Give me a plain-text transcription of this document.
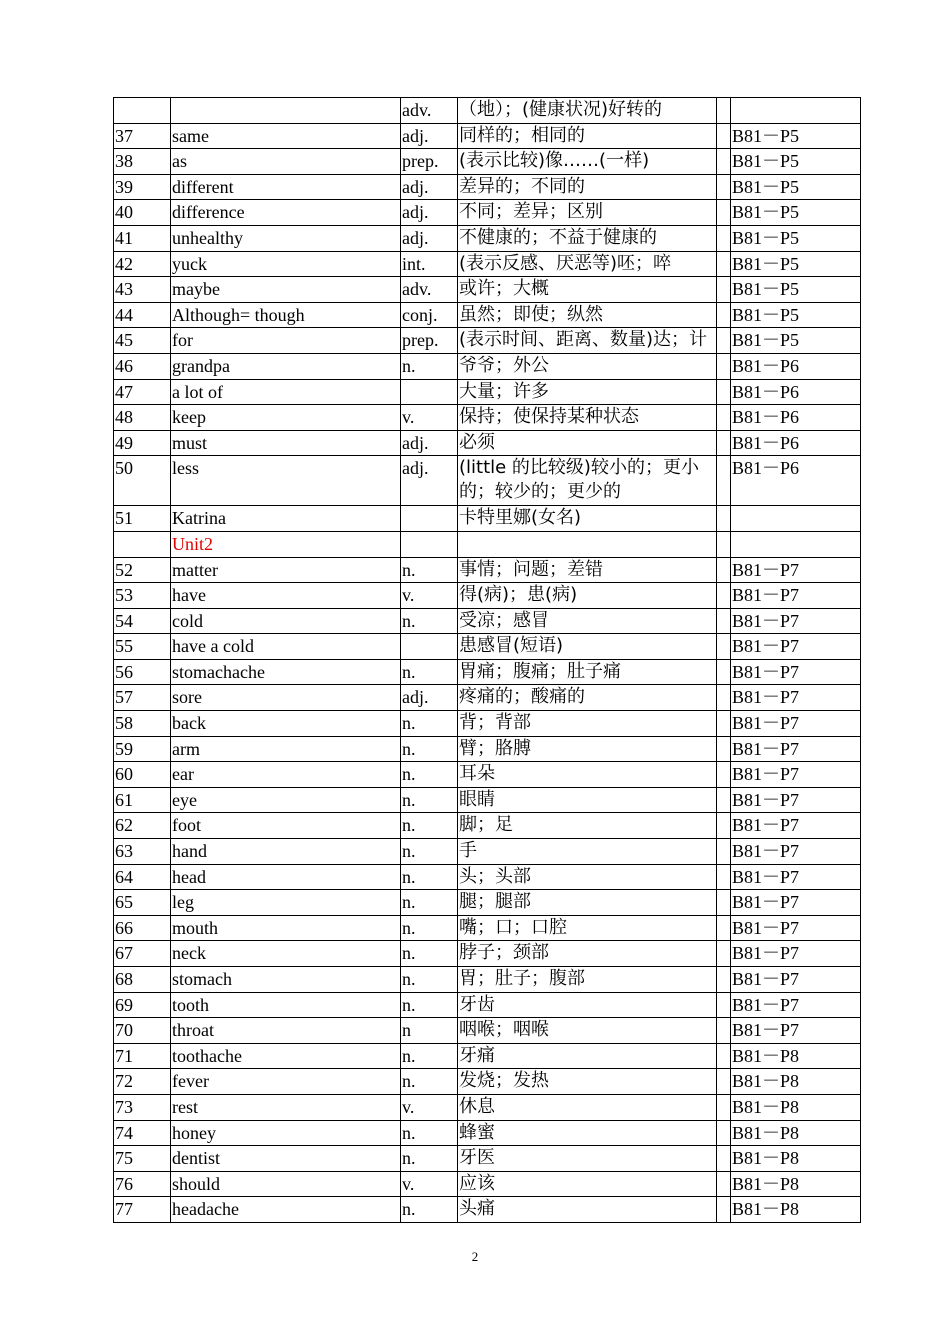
		adv.	（地）；(健康状况)好转的		
37	same	adj.	同样的；相同的		B81－P5
38	as	prep.	(表示比较)像……(一样)		B81－P5
39	different	adj.	差异的；不同的		B81－P5
40	difference	adj.	不同；差异；区别		B81－P5
41	unhealthy	adj.	不健康的；不益于健康的		B81－P5
42	yuck	int.	(表示反感、厌恶等)呸；啐		B81－P5
43	maybe	adv.	或许；大概		B81－P5
44	Although= though	conj.	虽然；即使；纵然		B81－P5
45	for	prep.	(表示时间、距离、数量)达；计		B81－P5
46	grandpa	n.	爷爷；外公		B81－P6
47	a lot of		大量；许多		B81－P6
48	keep	v.	保持；使保持某种状态		B81－P6
49	must	adj.	必须		B81－P6
50	less	adj.	(little 的比较级)较小的；更小的；较少的；更少的		B81－P6
51	Katrina		卡特里娜(女名)		
	Unit2				
52	matter	n.	事情；问题；差错		B81－P7
53	have	v.	得(病)；患(病)		B81－P7
54	cold	n.	受凉；感冒		B81－P7
55	have a cold		患感冒(短语)		B81－P7
56	stomachache	n.	胃痛；腹痛；肚子痛		B81－P7
57	sore	adj.	疼痛的；酸痛的		B81－P7
58	back	n.	背；背部		B81－P7
59	arm	n.	臂；胳膊		B81－P7
60	ear	n.	耳朵		B81－P7
61	eye	n.	眼睛		B81－P7
62	foot	n.	脚；足		B81－P7
63	hand	n.	手		B81－P7
64	head	n.	头；头部		B81－P7
65	leg	n.	腿；腿部		B81－P7
66	mouth	n.	嘴；口；口腔		B81－P7
67	neck	n.	脖子；颈部		B81－P7
68	stomach	n.	胃；肚子；腹部		B81－P7
69	tooth	n.	牙齿		B81－P7
70	throat	n	咽喉；咽喉		B81－P7
71	toothache	n.	牙痛		B81－P8
72	fever	n.	发烧；发热		B81－P8
73	rest	v.	休息		B81－P8
74	honey	n.	蜂蜜		B81－P8
75	dentist	n.	牙医		B81－P8
76	should	v.	应该		B81－P8
77	headache	n.	头痛		B81－P8
2
